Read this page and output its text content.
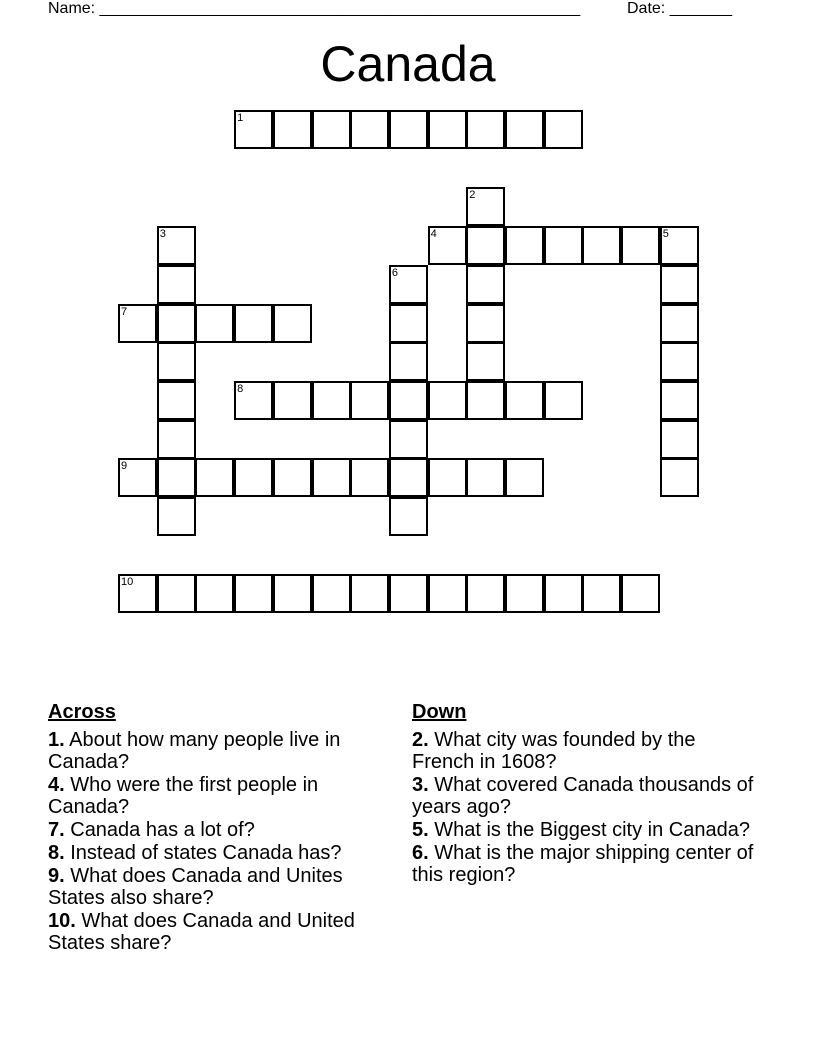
Name: ______________________________________________________	Date: _______
Canada
1
2
3	4	5
6
7
8
9
10
Across
1. About how many people live in Canada?
4. Who were the first people in Canada?
7. Canada has a lot of?
8. Instead of states Canada has?
9. What does Canada and Unites States also share?
10. What does Canada and United States share?
Down
2. What city was founded by the French in 1608?
3. What covered Canada thousands of years ago?
5. What is the Biggest city in Canada?
6. What is the major shipping center of this region?
